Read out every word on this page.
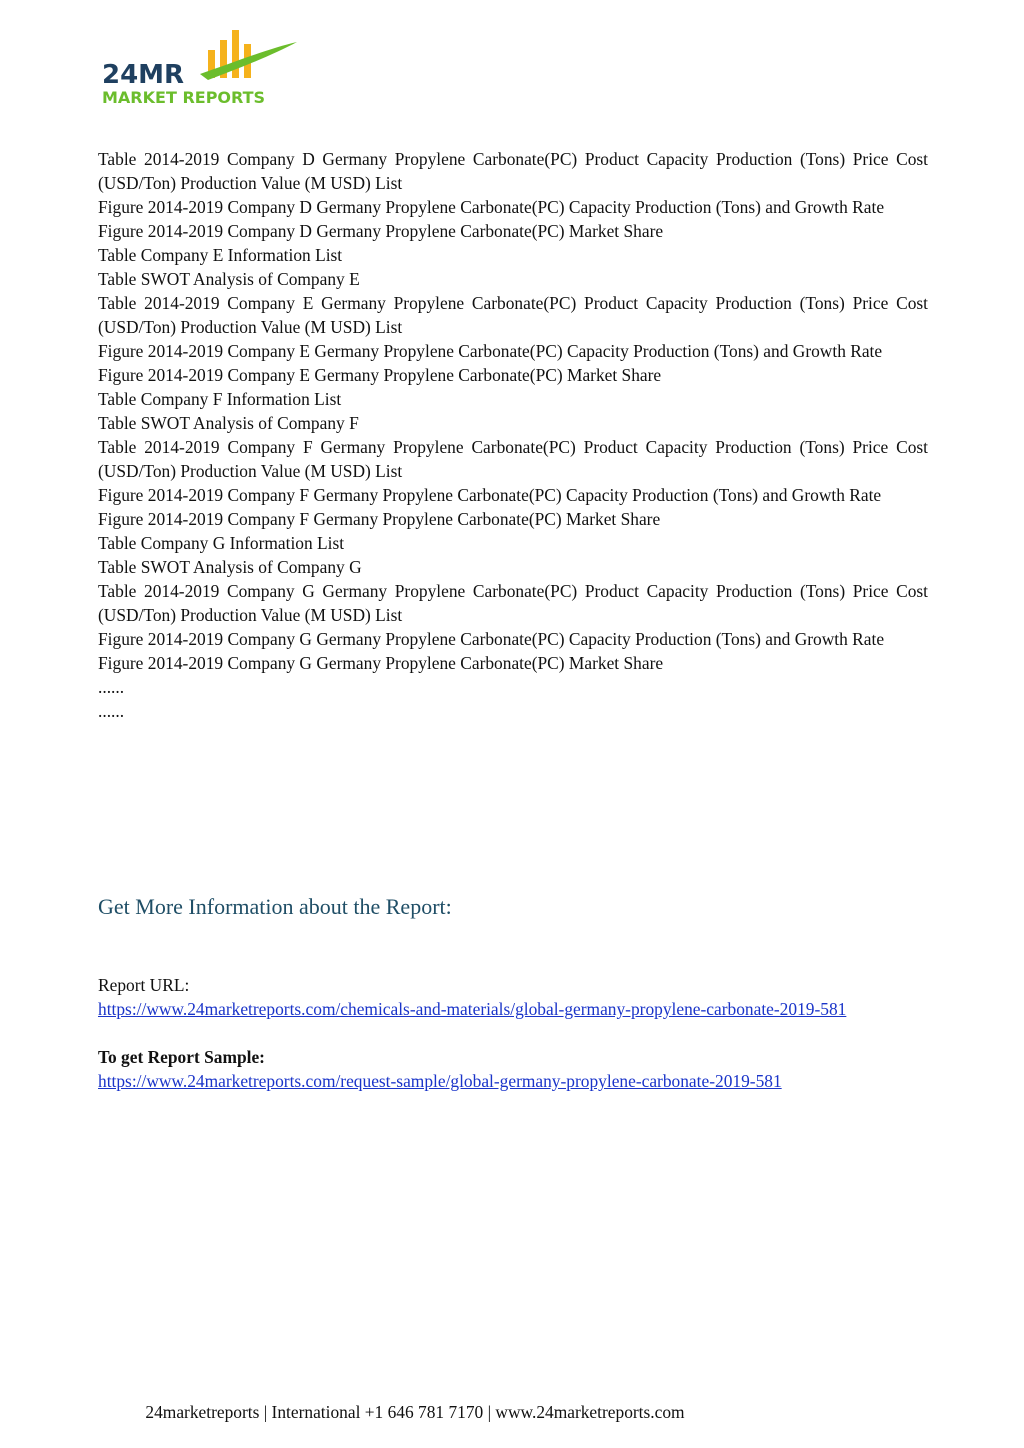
24MR
MARKET REPORTS
Table 2014-2019 Company D Germany Propylene Carbonate(PC) Product Capacity Production (Tons) Price Cost (USD/Ton) Production Value (M USD) List
Figure 2014-2019 Company D Germany Propylene Carbonate(PC) Capacity Production (Tons) and Growth Rate
Figure 2014-2019 Company D Germany Propylene Carbonate(PC) Market Share
Table Company E Information List
Table SWOT Analysis of Company E
Table 2014-2019 Company E Germany Propylene Carbonate(PC) Product Capacity Production (Tons) Price Cost (USD/Ton) Production Value (M USD) List
Figure 2014-2019 Company E Germany Propylene Carbonate(PC) Capacity Production (Tons) and Growth Rate
Figure 2014-2019 Company E Germany Propylene Carbonate(PC) Market Share
Table Company F Information List
Table SWOT Analysis of Company F
Table 2014-2019 Company F Germany Propylene Carbonate(PC) Product Capacity Production (Tons) Price Cost (USD/Ton) Production Value (M USD) List
Figure 2014-2019 Company F Germany Propylene Carbonate(PC) Capacity Production (Tons) and Growth Rate
Figure 2014-2019 Company F Germany Propylene Carbonate(PC) Market Share
Table Company G Information List
Table SWOT Analysis of Company G
Table 2014-2019 Company G Germany Propylene Carbonate(PC) Product Capacity Production (Tons) Price Cost (USD/Ton) Production Value (M USD) List
Figure 2014-2019 Company G Germany Propylene Carbonate(PC) Capacity Production (Tons) and Growth Rate
Figure 2014-2019 Company G Germany Propylene Carbonate(PC) Market Share
......
......
Get More Information about the Report:
Report URL:
https://www.24marketreports.com/chemicals-and-materials/global-germany-propylene-carbonate-2019-581
To get Report Sample:
https://www.24marketreports.com/request-sample/global-germany-propylene-carbonate-2019-581
24marketreports | International +1 646 781 7170 | www.24marketreports.com
